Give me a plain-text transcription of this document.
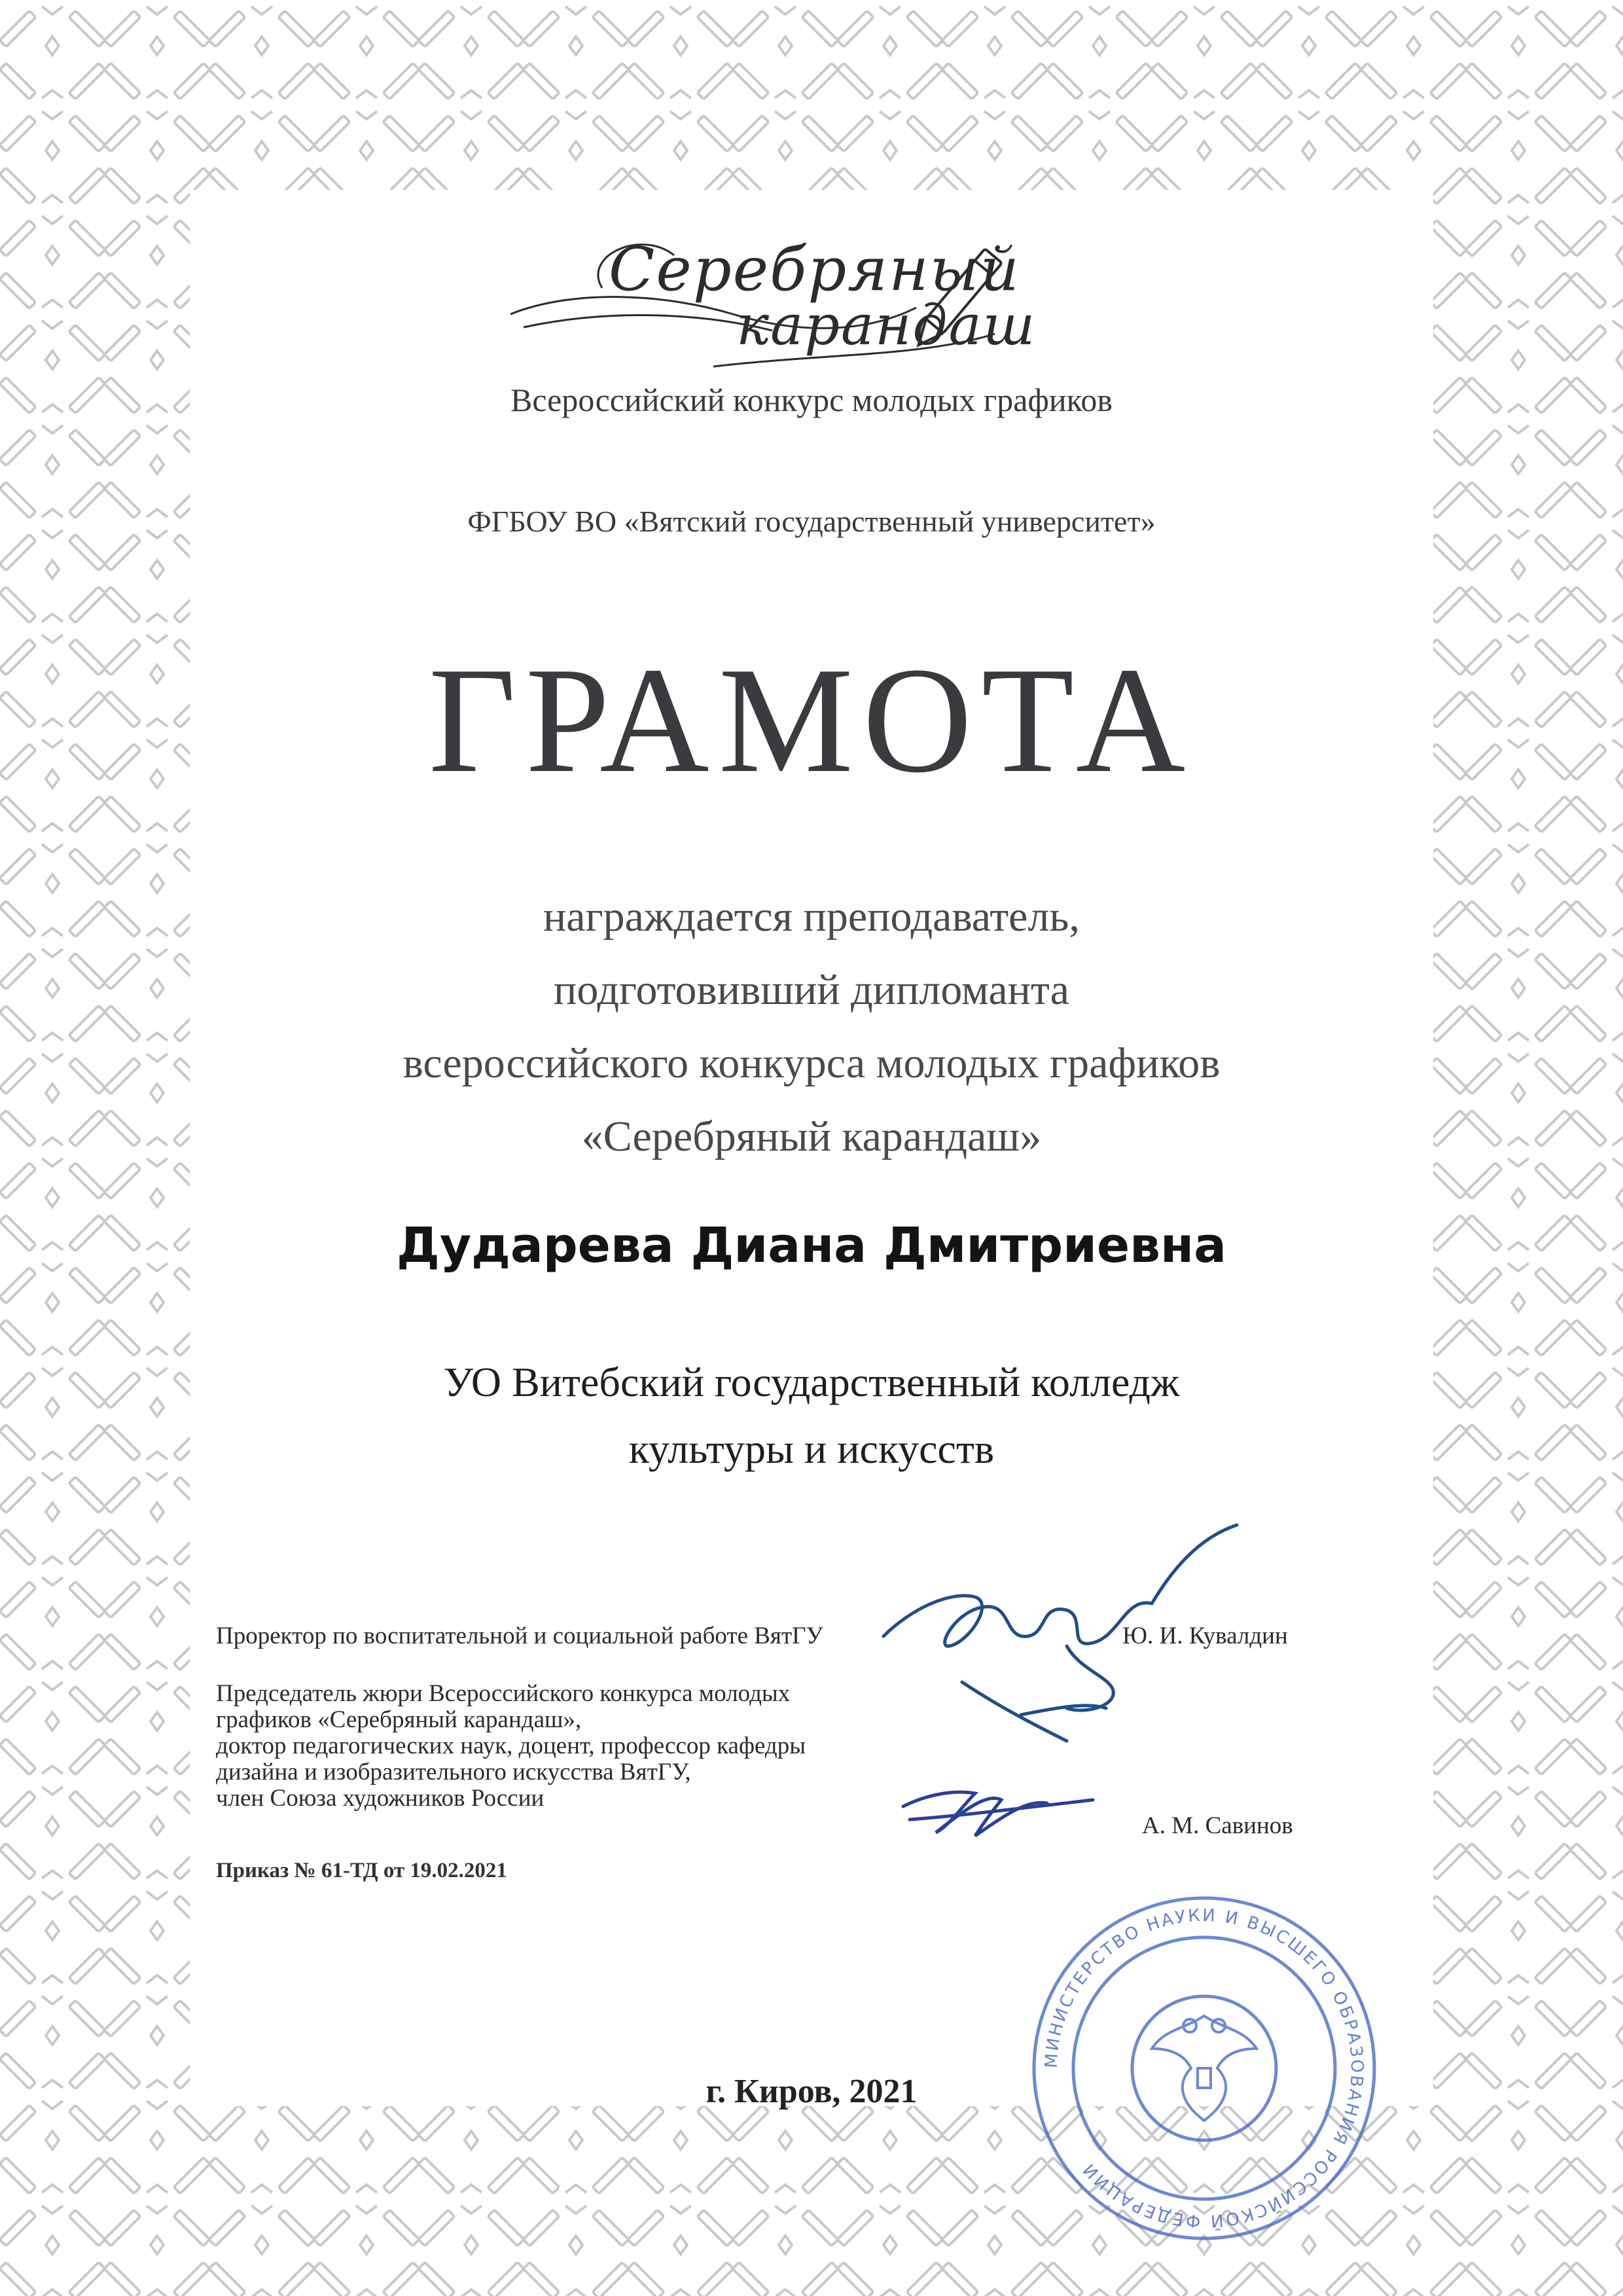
Серебряный
карандаш
Всероссийский конкурс молодых графиков
ФГБОУ ВО «Вятский государственный университет»
ГРАМОТА
награждается преподаватель,
подготовивший дипломанта
всероссийского конкурса молодых графиков
«Серебряный карандаш»
Дударева Диана Дмитриевна
УО Витебский государственный колледж
культуры и искусств
Проректор по воспитательной и социальной работе ВятГУ	Ю. И. Кувалдин
Председатель жюри Всероссийского конкурса молодых
графиков «Серебряный карандаш»,
доктор педагогических наук, доцент, профессор кафедры
дизайна и изобразительного искусства ВятГУ,
член Союза художников России
А. М. Савинов
Приказ № 61-ТД от 19.02.2021
МИНИСТЕРСТВО НАУКИ И ВЫСШЕГО ОБРАЗОВАНИЯ РОССИЙСКОЙ ФЕДЕРАЦИИ
г. Киров, 2021
